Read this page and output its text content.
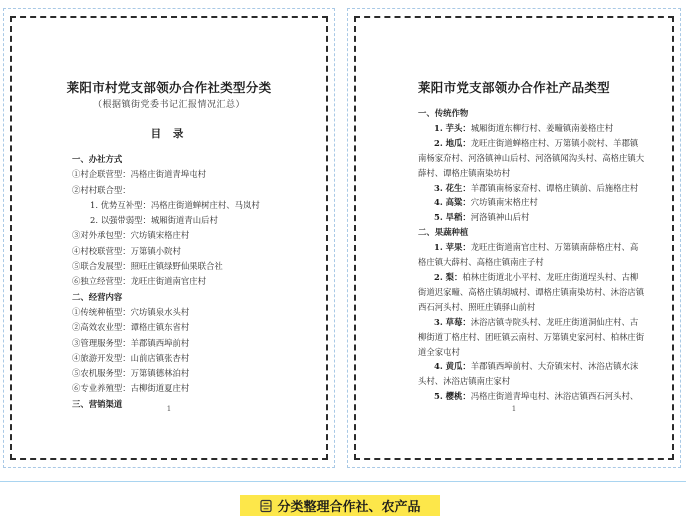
莱阳市村党支部领办合作社类型分类
（根据镇街党委书记汇报情况汇总）
目 录
一、办社方式
①村企联营型：冯格庄街道青埠屯村
②村村联合型：
1. 优势互补型：冯格庄街道蝉树庄村、马岚村
2. 以强带弱型：城厢街道青山后村
③对外承包型：穴坊镇宋格庄村
④村校联营型：万第镇小院村
⑤联合发展型：照旺庄镇绿野仙果联合社
⑥独立经营型：龙旺庄街道南官庄村
二、经营内容
①传统种植型：穴坊镇泉水头村
②高效农业型：谭格庄镇东省村
③管理服务型：羊郡镇西埠前村
④旅游开发型：山前店镇张杏村
⑤农机服务型：万第镇德林泊村
⑥专业养殖型：古柳街道夏庄村
三、营销渠道
1
莱阳市党支部领办合作社产品类型
一、传统作物
1. 芋头：城厢街道东柳行村、姜疃镇南姜格庄村
2. 地瓜：龙旺庄街道蝉格庄村、万第镇小院村、羊郡镇南杨家夼村、河洛镇神山后村、河洛镇闻沟头村、高格庄镇大薛村、谭格庄镇南染坊村
3. 花生：羊郡镇南杨家夼村、谭格庄镇前、后施格庄村
4. 高粱：穴坊镇南宋格庄村
5. 旱稻：河洛镇神山后村
二、果蔬种植
1. 苹果：龙旺庄街道南官庄村、万第镇南薛格庄村、高格庄镇大薛村、高格庄镇南庄子村
2. 梨：柏林庄街道北小平村、龙旺庄街道埕头村、古柳街道迟家疃、高格庄镇胡城村、谭格庄镇南染坊村、沐浴店镇西石河头村、照旺庄镇驿山前村
3. 草莓：沐浴店镇寺院头村、龙旺庄街道洞仙庄村、古柳街道丁格庄村、团旺镇云南村、万第镇史家河村、柏林庄街道全家屯村
4. 黄瓜：羊郡镇西埠前村、大夼镇宋村、沐浴店镇水沫头村、沐浴店镇南庄家村
5. 樱桃：冯格庄街道青埠屯村、沐浴店镇西石河头村、
1
分类整理合作社、农产品
